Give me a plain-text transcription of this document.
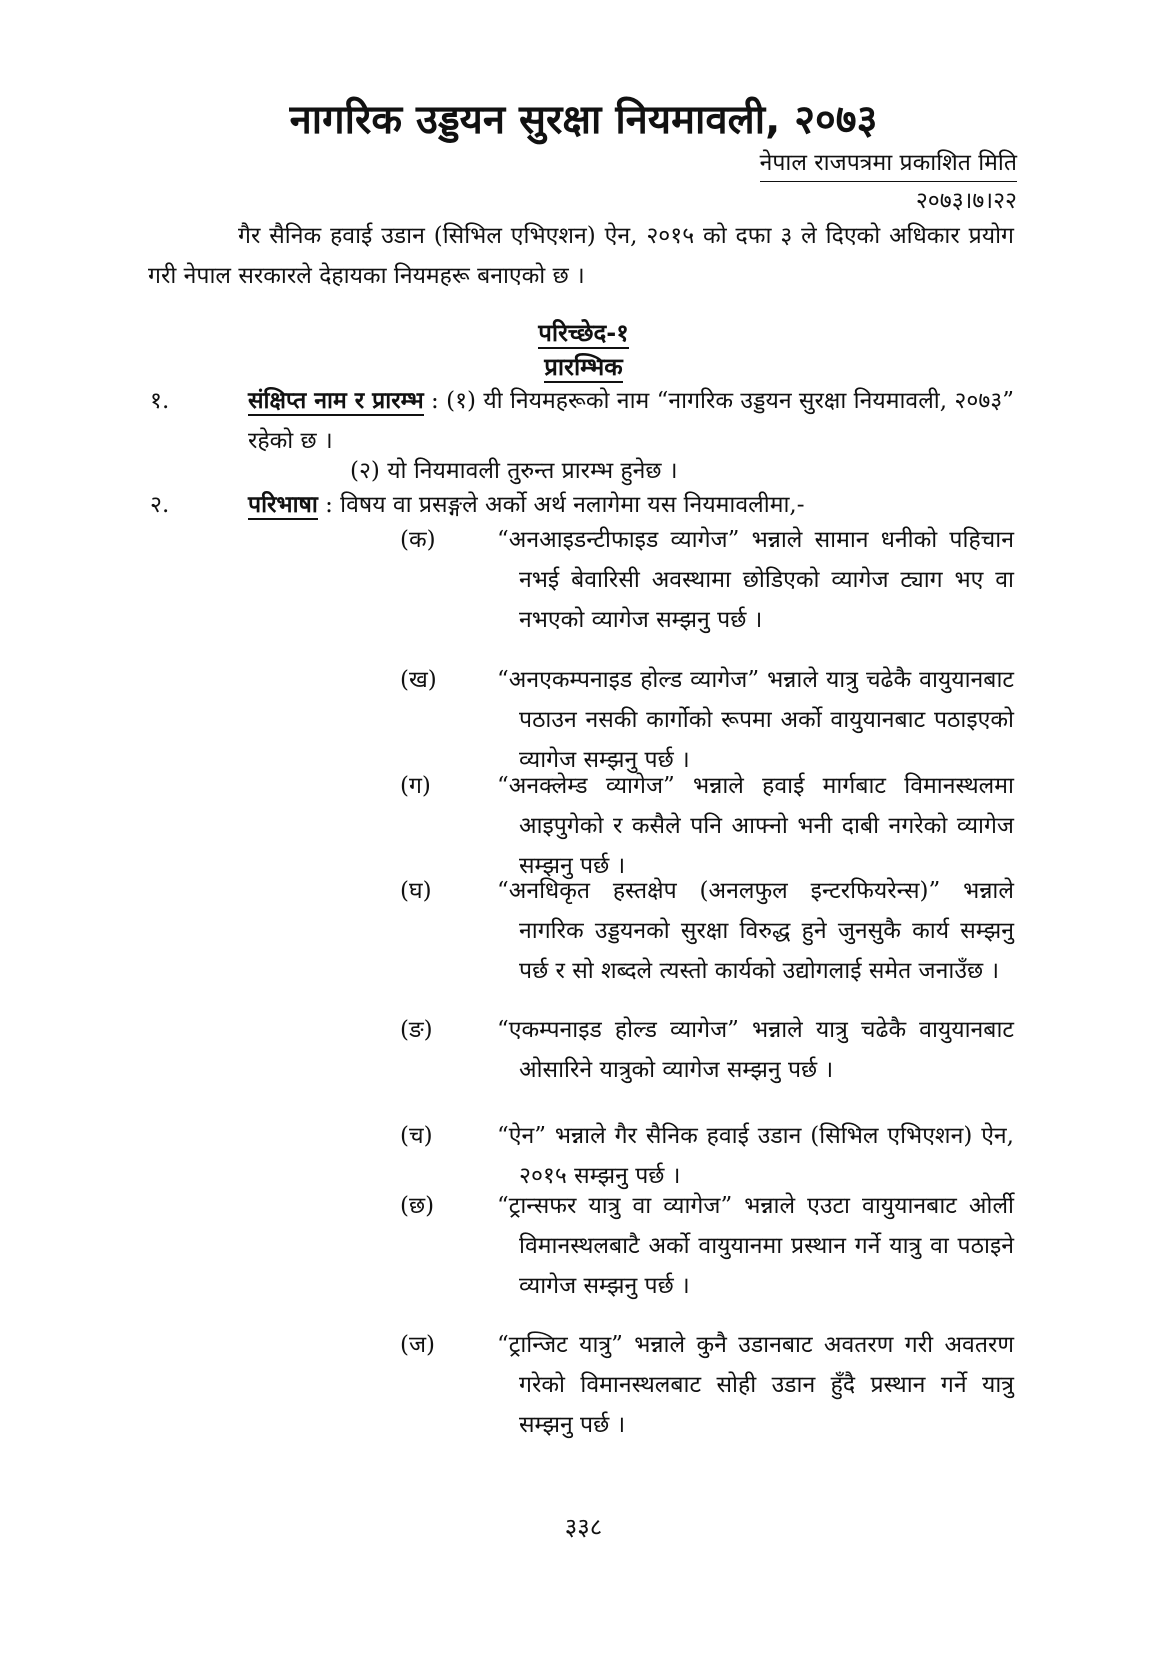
नागरिक उड्डयन सुरक्षा नियमावली, २०७३
नेपाल राजपत्रमा प्रकाशित मिति
२०७३।७।२२

गैर सैनिक हवाई उडान (सिभिल एभिएशन) ऐन, २०१५ को दफा ३ ले दिएको अधिकार प्रयोग गरी नेपाल सरकारले देहायका नियमहरू बनाएको छ ।

परिच्छेद-१
प्रारम्भिक
१.	संक्षिप्त नाम र प्रारम्भ : (१) यी नियमहरूको नाम “नागरिक उड्डयन सुरक्षा नियमावली, २०७३” रहेको छ ।

(२) यो नियमावली तुरुन्त प्रारम्भ हुनेछ ।
२.	परिभाषा : विषय वा प्रसङ्गले अर्को अर्थ नलागेमा यस नियमावलीमा,-

(क)	“अनआइडन्टीफाइड व्यागेज” भन्नाले सामान धनीको पहिचान नभई बेवारिसी अवस्थामा छोडिएको व्यागेज ट्याग भए वा नभएको व्यागेज सम्झनु पर्छ ।

(ख)	“अनएकम्पनाइड होल्ड व्यागेज” भन्नाले यात्रु चढेकै वायुयानबाट पठाउन नसकी कार्गोको रूपमा अर्को वायुयानबाट पठाइएको व्यागेज सम्झनु पर्छ ।

(ग)	“अनक्लेम्ड व्यागेज” भन्नाले हवाई मार्गबाट विमानस्थलमा आइपुगेको र कसैले पनि आफ्नो भनी दाबी नगरेको व्यागेज सम्झनु पर्छ ।

(घ)	“अनधिकृत हस्तक्षेप (अनलफुल इन्टरफियरेन्स)” भन्नाले नागरिक उड्डयनको सुरक्षा विरुद्ध हुने जुनसुकै कार्य सम्झनु पर्छ र सो शब्दले त्यस्तो कार्यको उद्योगलाई समेत जनाउँछ ।

(ङ)	“एकम्पनाइड होल्ड व्यागेज” भन्नाले यात्रु चढेकै वायुयानबाट ओसारिने यात्रुको व्यागेज सम्झनु पर्छ ।

(च)	“ऐन” भन्नाले गैर सैनिक हवाई उडान (सिभिल एभिएशन) ऐन, २०१५ सम्झनु पर्छ ।

(छ)	“ट्रान्सफर यात्रु वा व्यागेज” भन्नाले एउटा वायुयानबाट ओर्ली विमानस्थलबाटै अर्को वायुयानमा प्रस्थान गर्ने यात्रु वा पठाइने व्यागेज सम्झनु पर्छ ।

(ज)	“ट्रान्जिट यात्रु” भन्नाले कुनै उडानबाट अवतरण गरी अवतरण गरेको विमानस्थलबाट सोही उडान हुँदै प्रस्थान गर्ने यात्रु सम्झनु पर्छ ।

३३८
